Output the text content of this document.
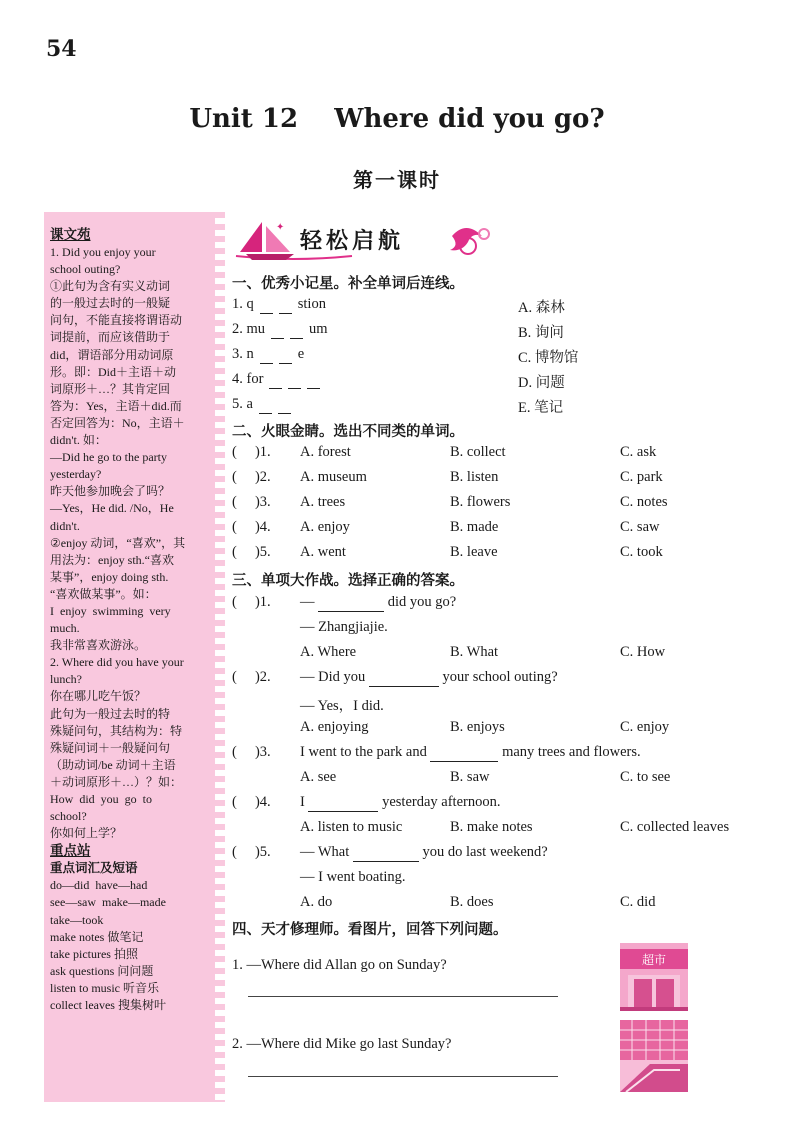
54
Unit 12    Where did you go?
第一课时
课文苑
1. Did you enjoy your
school outing?
①此句为含有实义动词
的一般过去时的一般疑
问句，不能直接将谓语动
词提前，而应该借助于
did，谓语部分用动词原
形。即：Did＋主语＋动
词原形＋…？其肯定回
答为：Yes，主语＋did.而
否定回答为：No，主语＋
didn't. 如：
—Did he go to the party
yesterday?
昨天他参加晚会了吗？
—Yes，He did. /No，He
didn't.
②enjoy 动词，“喜欢”，其
用法为：enjoy sth.“喜欢
某事”，enjoy doing sth.
“喜欢做某事”。如：
I  enjoy  swimming  very
much.
我非常喜欢游泳。
2. Where did you have your
lunch?
你在哪儿吃午饭？
此句为一般过去时的特
殊疑问句，其结构为：特
殊疑问词＋一般疑问句
（助动词/be 动词＋主语
＋动词原形＋…）？如：
How  did  you  go  to
school?
你如何上学？
重点站
重点词汇及短语
do—did  have—had
see—saw  make—made
take—took
make notes 做笔记
take pictures 拍照
ask questions 问问题
listen to music 听音乐
collect leaves 搜集树叶
✦
轻松启航
一、优秀小记星。补全单词后连线。
1. q	stion	A. 森林
2. mu	um	B. 询问
3. n	e	C. 博物馆
4. for	D. 问题
5. a	E. 笔记
二、火眼金睛。选出不同类的单词。
(     )1. A. forest	B. collect	C. ask
(     )2. A. museum	B. listen	C. park
(     )3. A. trees	B. flowers	C. notes
(     )4. A. enjoy	B. made	C. saw
(     )5. A. went	B. leave	C. took
三、单项大作战。选择正确的答案。
(     )1. —	did you go?
— Zhangjiajie.
A. Where	B. What	C. How
(     )2. — Did you	your school outing?
— Yes，I did.
A. enjoying	B. enjoys	C. enjoy
(     )3. I went to the park and	many trees and flowers.
A. see	B. saw	C. to see
(     )4. I	yesterday afternoon.
A. listen to music	B. make notes	C. collected leaves
(     )5. — What	you do last weekend?
— I went boating.
A. do	B. does	C. did
四、天才修理师。看图片，回答下列问题。
1. —Where did Allan go on Sunday?
2. —Where did Mike go last Sunday?
超市
